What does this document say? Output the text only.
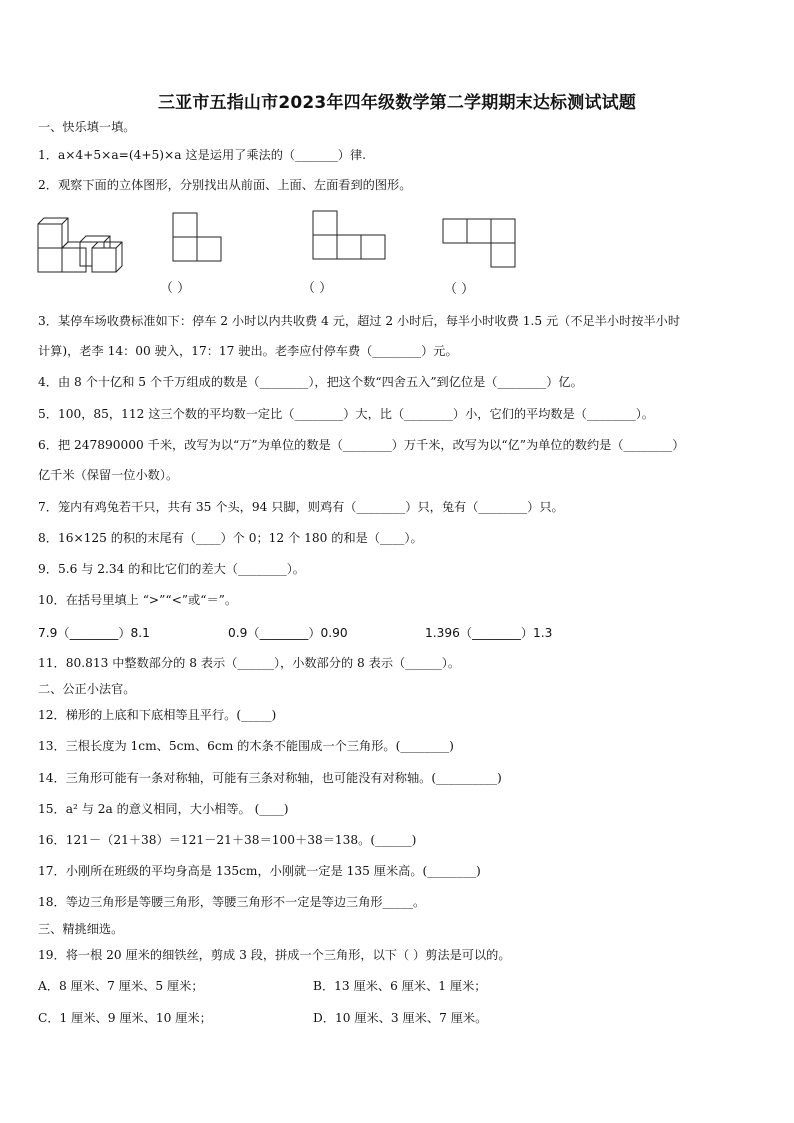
三亚市五指山市2023年四年级数学第二学期期末达标测试试题
一、快乐填一填。
1．a×4+5×a=(4+5)×a 这是运用了乘法的（_______）律.
2．观察下面的立体图形，分别找出从前面、上面、左面看到的图形。
（ ）	（ ）	（ ）
3．某停车场收费标准如下：停车 2 小时以内共收费 4 元，超过 2 小时后，每半小时收费 1.5 元（不足半小时按半小时
计算)，老李 14：00 驶入，17：17 驶出。老李应付停车费（________）元。
4．由 8 个十亿和 5 个千万组成的数是（________），把这个数“四舍五入”到亿位是（________）亿。
5．100，85，112 这三个数的平均数一定比（________）大，比（________）小，它们的平均数是（________）。
6．把 247890000 千米，改写为以“万”为单位的数是（________）万千米，改写为以“亿”为单位的数约是（________）
亿千米（保留一位小数）。
7．笼内有鸡兔若干只，共有 35 个头，94 只脚，则鸡有（________）只，兔有（________）只。
8．16×125 的积的末尾有（____）个 0；12 个 180 的和是（____）。
9．5.6 与 2.34 的和比它们的差大（________）。
10．在括号里填上 “>”“<”或“＝”。
7.9（________）8.1	0.9（________）0.90	1.396（________）1.3
11．80.813 中整数部分的 8 表示（______），小数部分的 8 表示（______）。
二、公正小法官。
12．梯形的上底和下底相等且平行。(_____)
13．三根长度为 1cm、5cm、6cm 的木条不能围成一个三角形。(________)
14．三角形可能有一条对称轴，可能有三条对称轴，也可能没有对称轴。(__________)
15．a² 与 2a 的意义相同，大小相等。 (____)
16．121－（21＋38）＝121－21＋38＝100＋38＝138。(______)
17．小刚所在班级的平均身高是 135cm，小刚就一定是 135 厘米高。(________)
18．等边三角形是等腰三角形，等腰三角形不一定是等边三角形_____。
三、精挑细选。
19．将一根 20 厘米的细铁丝，剪成 3 段，拼成一个三角形，以下（ ）剪法是可以的。
A．8 厘米、7 厘米、5 厘米；	B．13 厘米、6 厘米、1 厘米；
C．1 厘米、9 厘米、10 厘米；	D．10 厘米、3 厘米、7 厘米。
